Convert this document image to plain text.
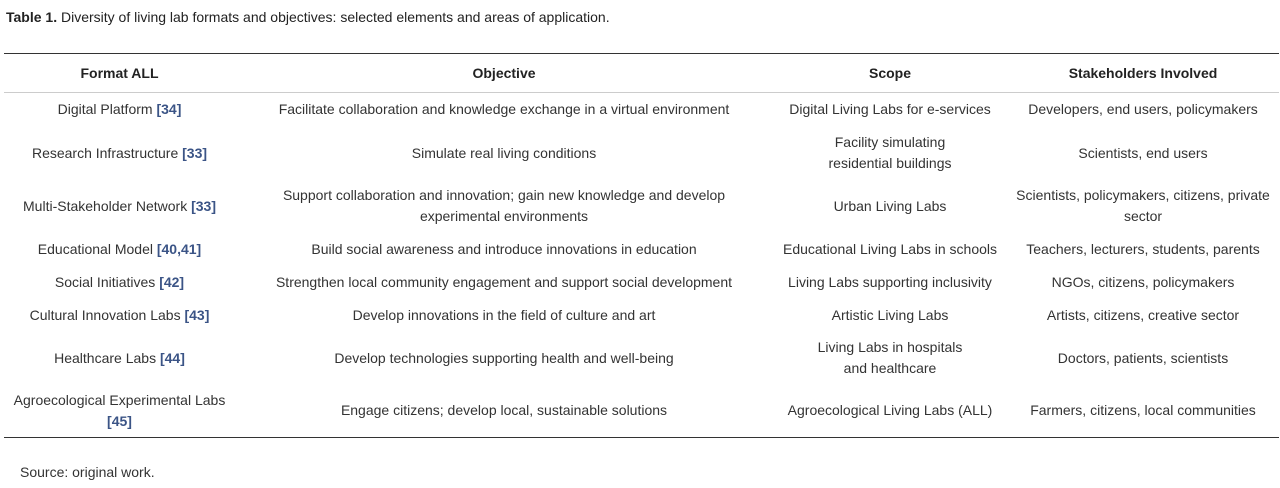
Table 1. Diversity of living lab formats and objectives: selected elements and areas of application.
Format ALL	Objective	Scope	Stakeholders Involved
Digital Platform [34]	Facilitate collaboration and knowledge exchange in a virtual environment	Digital Living Labs for e-services	Developers, end users, policymakers
Research Infrastructure [33]	Simulate real living conditions	Facility simulating residential buildings	Scientists, end users
Multi-Stakeholder Network [33]	Support collaboration and innovation; gain new knowledge and develop experimental environments	Urban Living Labs	Scientists, policymakers, citizens, private sector
Educational Model [40,41]	Build social awareness and introduce innovations in education	Educational Living Labs in schools	Teachers, lecturers, students, parents
Social Initiatives [42]	Strengthen local community engagement and support social development	Living Labs supporting inclusivity	NGOs, citizens, policymakers
Cultural Innovation Labs [43]	Develop innovations in the field of culture and art	Artistic Living Labs	Artists, citizens, creative sector
Healthcare Labs [44]	Develop technologies supporting health and well-being	Living Labs in hospitals and healthcare	Doctors, patients, scientists
Agroecological Experimental Labs [45]	Engage citizens; develop local, sustainable solutions	Agroecological Living Labs (ALL)	Farmers, citizens, local communities
Source: original work.
